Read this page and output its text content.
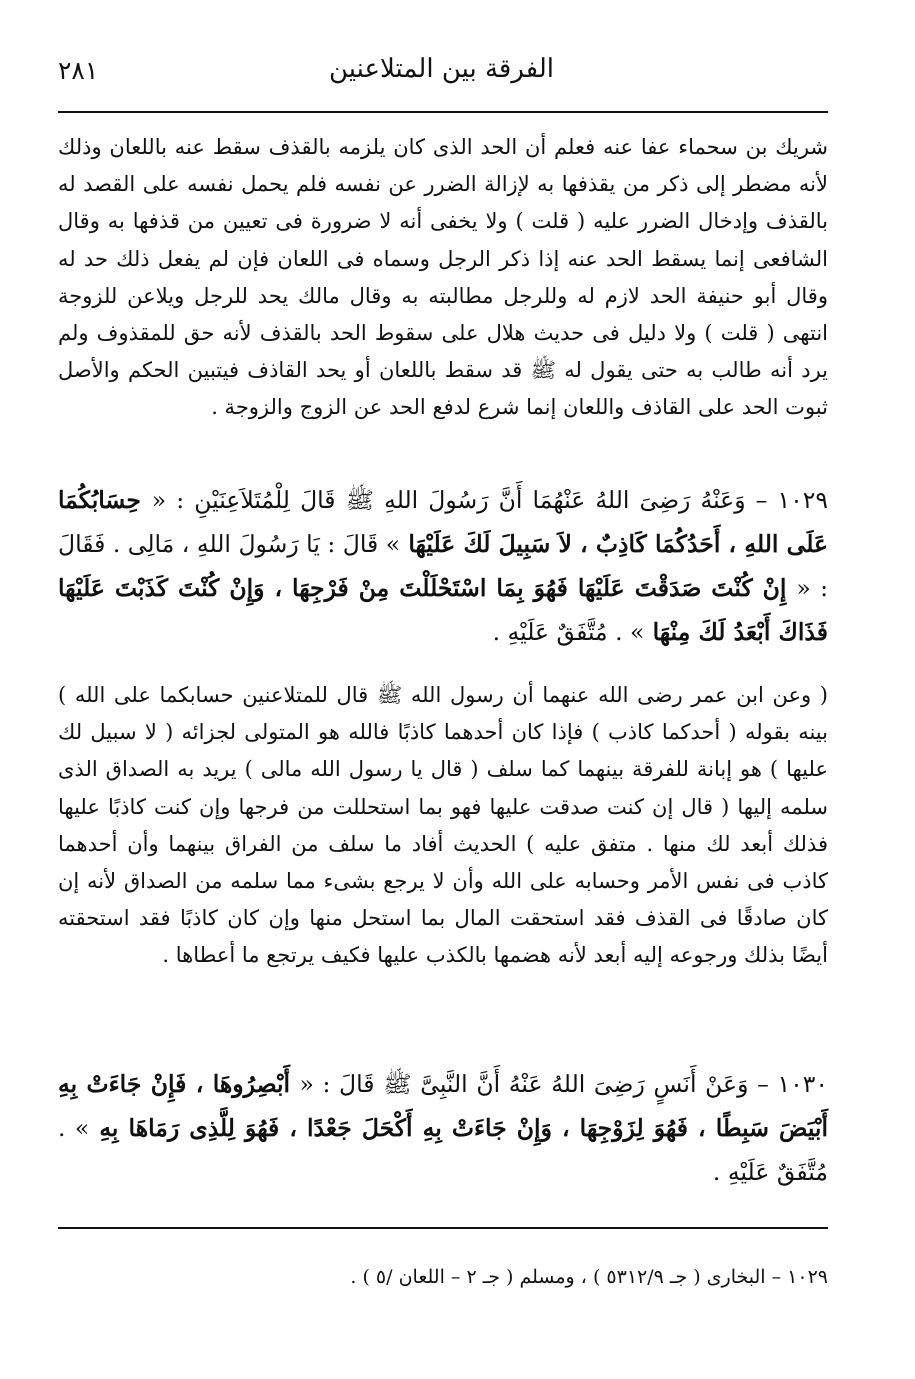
٢٨١	الفرقة بين المتلاعنين

شريك بن سحماء عفا عنه فعلم أن الحد الذى كان يلزمه بالقذف سقط عنه باللعان وذلك لأنه مضطر إلى ذكر من يقذفها به لإزالة الضرر عن نفسه فلم يحمل نفسه على القصد له بالقذف وإدخال الضرر عليه ( قلت ) ولا يخفى أنه لا ضرورة فى تعيين من قذفها به وقال الشافعى إنما يسقط الحد عنه إذا ذكر الرجل وسماه فى اللعان فإن لم يفعل ذلك حد له وقال أبو حنيفة الحد لازم له وللرجل مطالبته به وقال مالك يحد للرجل ويلاعن للزوجة انتهى ( قلت ) ولا دليل فى حديث هلال على سقوط الحد بالقذف لأنه حق للمقذوف ولم يرد أنه طالب به حتى يقول له ﷺ قد سقط باللعان أو يحد القاذف فيتبين الحكم والأصل ثبوت الحد على القاذف واللعان إنما شرع لدفع الحد عن الزوج والزوجة .

١٠٢٩ – وَعَنْهُ رَضِىَ اللهُ عَنْهُمَا أَنَّ رَسُولَ اللهِ ﷺ قَالَ لِلْمُتَلاَعِنَيْنِ : « حِسَابُكُمَا عَلَى اللهِ ، أَحَدُكُمَا كَاذِبٌ ، لاَ سَبِيلَ لَكَ عَلَيْهَا » قَالَ : يَا رَسُولَ اللهِ ، مَالِى . فَقَالَ : « إِنْ كُنْتَ صَدَقْتَ عَلَيْهَا فَهُوَ بِمَا اسْتَحْلَلْتَ مِنْ فَرْجِهَا ، وَإِنْ كُنْتَ كَذَبْتَ عَلَيْهَا فَذَاكَ أَبْعَدُ لَكَ مِنْهَا » . مُتَّفَقٌ عَلَيْهِ .

( وعن ابن عمر رضى الله عنهما أن رسول الله ﷺ قال للمتلاعنين حسابكما على الله ) بينه بقوله ( أحدكما كاذب ) فإذا كان أحدهما كاذبًا فالله هو المتولى لجزائه ( لا سبيل لك عليها ) هو إبانة للفرقة بينهما كما سلف ( قال يا رسول الله مالى ) يريد به الصداق الذى سلمه إليها ( قال إن كنت صدقت عليها فهو بما استحللت من فرجها وإن كنت كاذبًا عليها فذلك أبعد لك منها . متفق عليه ) الحديث أفاد ما سلف من الفراق بينهما وأن أحدهما كاذب فى نفس الأمر وحسابه على الله وأن لا يرجع بشىء مما سلمه من الصداق لأنه إن كان صادقًا فى القذف فقد استحقت المال بما استحل منها وإن كان كاذبًا فقد استحقته أيضًا بذلك ورجوعه إليه أبعد لأنه هضمها بالكذب عليها فكيف يرتجع ما أعطاها .

١٠٣٠ – وَعَنْ أَنَسٍ رَضِىَ اللهُ عَنْهُ أَنَّ النَّبِىَّ ﷺ قَالَ : « أَبْصِرُوهَا ، فَإِنْ جَاءَتْ بِهِ أَبْيَضَ سَبِطًا ، فَهُوَ لِزَوْجِهَا ، وَإِنْ جَاءَتْ بِهِ أَكْحَلَ جَعْدًا ، فَهُوَ لِلَّذِى رَمَاهَا بِهِ » . مُتَّفَقٌ عَلَيْهِ .

١٠٢٩ – البخارى ( جـ ٥٣١٢/٩ ) ، ومسلم ( جـ ٢ – اللعان /٥ ) .
